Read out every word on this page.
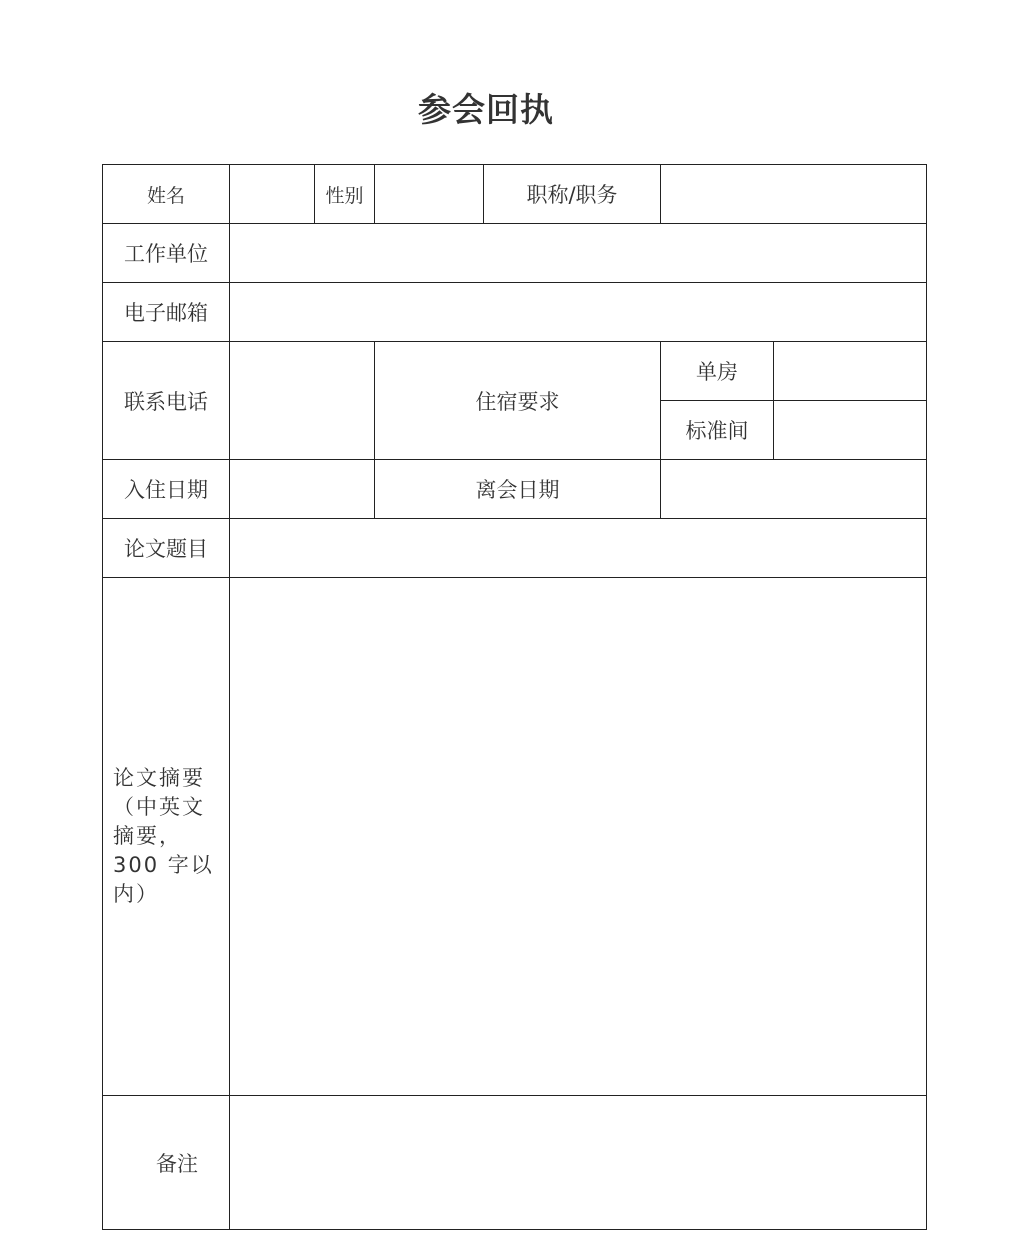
参会回执
姓名		性别		职称/职务		
工作单位						
电子邮箱						
联系电话			住宿要求		单房	
					标准间	
入住日期			离会日期			
论文题目						
论文摘要（中英文摘要，300 字以内）						
备注						
